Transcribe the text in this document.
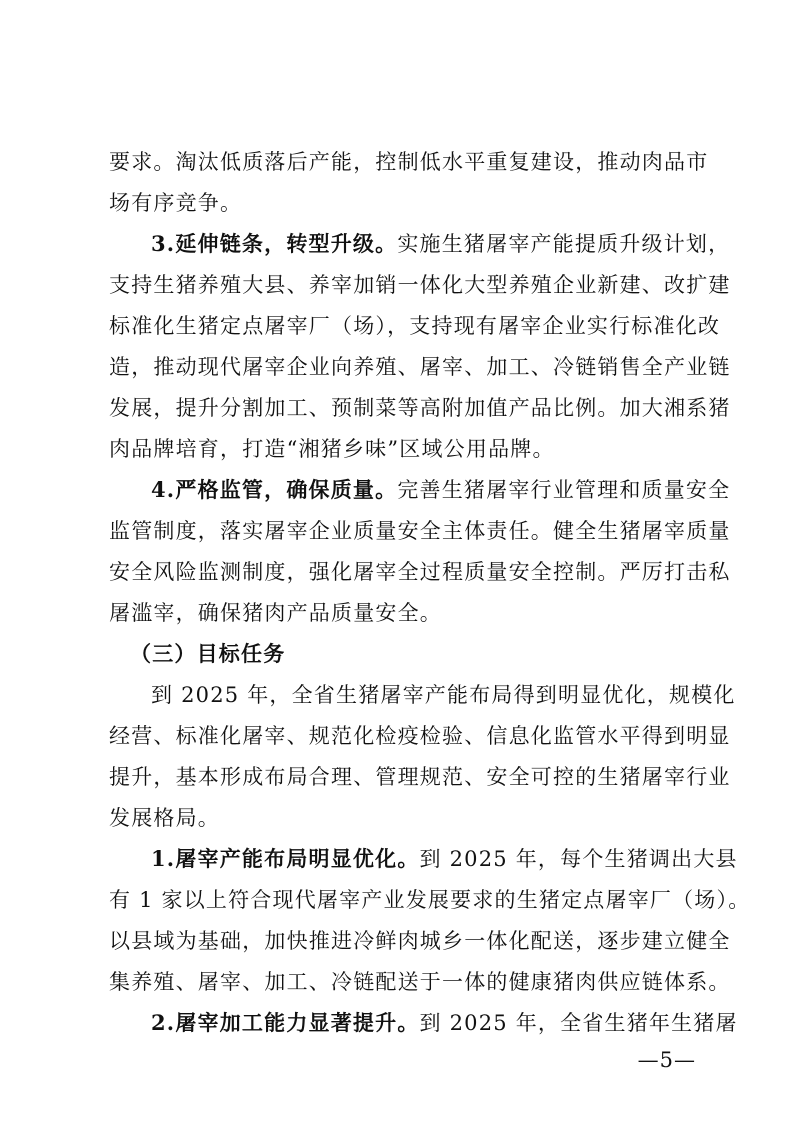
要求。淘汰低质落后产能，控制低水平重复建设，推动肉品市
场有序竞争。
3.延伸链条，转型升级。实施生猪屠宰产能提质升级计划，
支持生猪养殖大县、养宰加销一体化大型养殖企业新建、改扩建
标准化生猪定点屠宰厂（场），支持现有屠宰企业实行标准化改
造，推动现代屠宰企业向养殖、屠宰、加工、冷链销售全产业链
发展，提升分割加工、预制菜等高附加值产品比例。加大湘系猪
肉品牌培育，打造“湘猪乡味”区域公用品牌。
4.严格监管，确保质量。完善生猪屠宰行业管理和质量安全
监管制度，落实屠宰企业质量安全主体责任。健全生猪屠宰质量
安全风险监测制度，强化屠宰全过程质量安全控制。严厉打击私
屠滥宰，确保猪肉产品质量安全。
（三）目标任务
到 2025 年，全省生猪屠宰产能布局得到明显优化，规模化
经营、标准化屠宰、规范化检疫检验、信息化监管水平得到明显
提升，基本形成布局合理、管理规范、安全可控的生猪屠宰行业
发展格局。
1.屠宰产能布局明显优化。到 2025 年，每个生猪调出大县
有 1 家以上符合现代屠宰产业发展要求的生猪定点屠宰厂（场）。
以县域为基础，加快推进冷鲜肉城乡一体化配送，逐步建立健全
集养殖、屠宰、加工、冷链配送于一体的健康猪肉供应链体系。
2.屠宰加工能力显著提升。到 2025 年，全省生猪年生猪屠
—5—
